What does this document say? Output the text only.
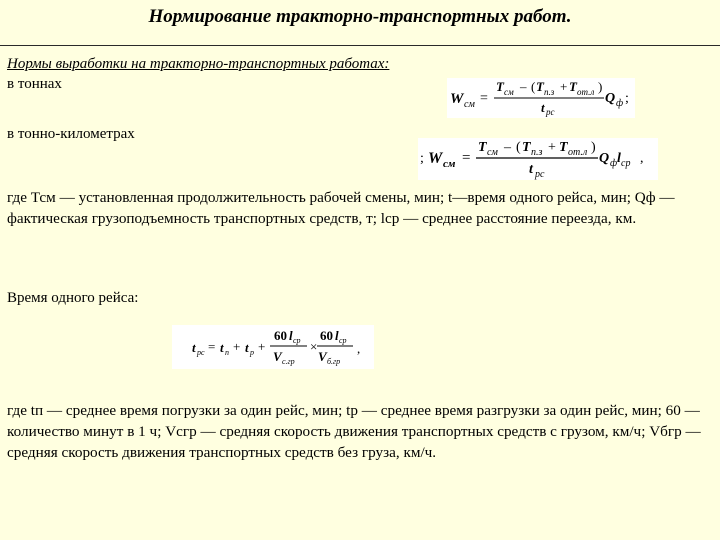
Нормирование тракторно-транспортных работ.

Нормы выработки на тракторно-транспортных работах:

в тоннах

W см =
T см – ( T п.з + T от.л )
t рс
Q ф ;

в тонно-километрах

; W см =
T см – ( T п.з + T от.л )
t рс
Q ф l ср ,

где Тсм — установленная продолжительность рабочей смены, мин; t—время одного рейса, мин; Qф — фактическая грузоподъемность транспортных средств, т; lср — среднее расстояние переезда, км.

Время одного рейса:

t рс = t п + t р +
60 l ср
V с.гр
×
60 l ср
V б.гр
,

где tп — среднее время погрузки за один рейс, мин; tр — среднее время разгрузки за один рейс, мин; 60 — количество минут в 1 ч; Vсгр — средняя скорость движения транспортных средств с грузом, км/ч; Vбгр —средняя скорость движения транспортных средств без груза, км/ч.
